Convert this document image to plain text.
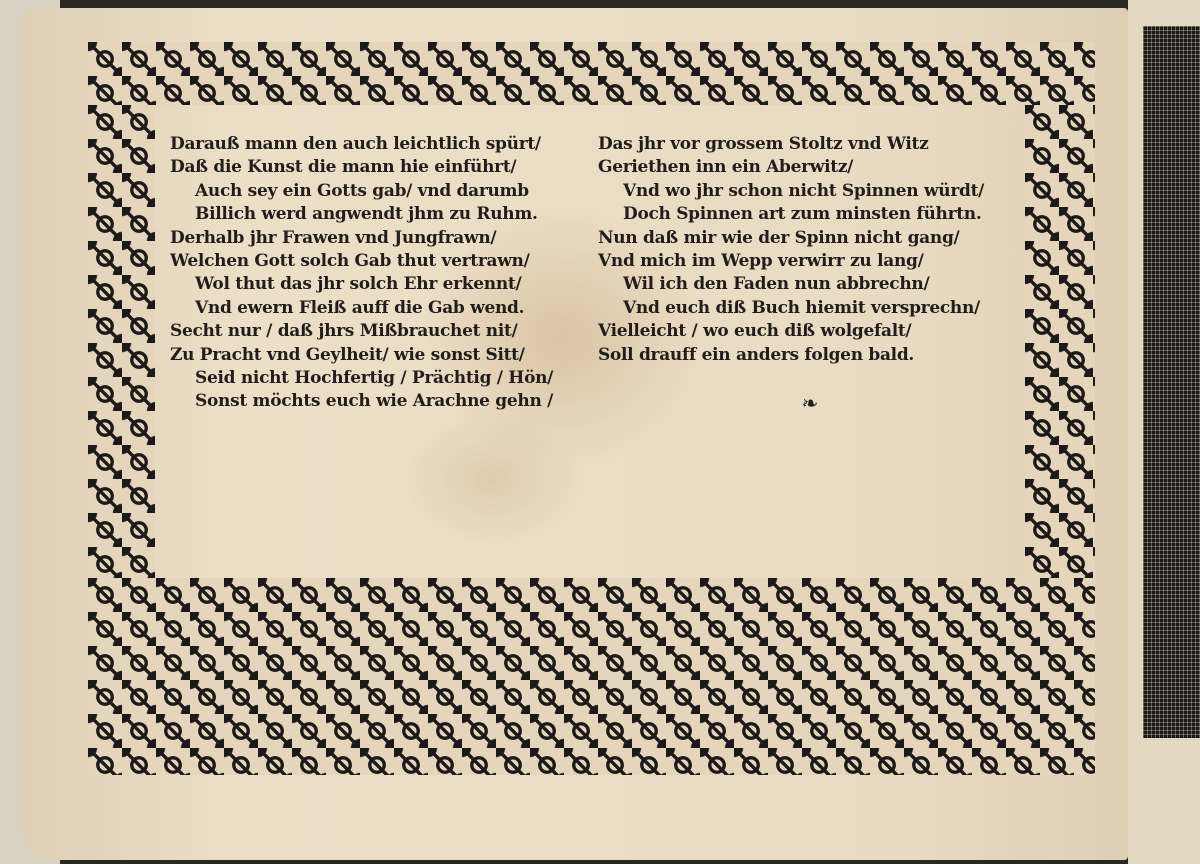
Darauß mann den auch leichtlich spürt/
Daß die Kunst die mann hie einführt/
Auch sey ein Gotts gab/ vnd darumb
Billich werd angwendt jhm zu Ruhm.
Derhalb jhr Frawen vnd Jungfrawn/
Welchen Gott solch Gab thut vertrawn/
Wol thut das jhr solch Ehr erkennt/
Vnd ewern Fleiß auff die Gab wend.
Secht nur / daß jhrs Mißbrauchet nit/
Zu Pracht vnd Geylheit/ wie sonst Sitt/
Seid nicht Hochfertig / Prächtig / Hön/
Sonst möchts euch wie Arachne gehn /
Das jhr vor grossem Stoltz vnd Witz
Geriethen inn ein Aberwitz/
Vnd wo jhr schon nicht Spinnen würdt/
Doch Spinnen art zum minsten führtn.
Nun daß mir wie der Spinn nicht gang/
Vnd mich im Wepp verwirr zu lang/
Wil ich den Faden nun abbrechn/
Vnd euch diß Buch hiemit versprechn/
Vielleicht / wo euch diß wolgefalt/
Soll drauff ein anders folgen bald.
❧
